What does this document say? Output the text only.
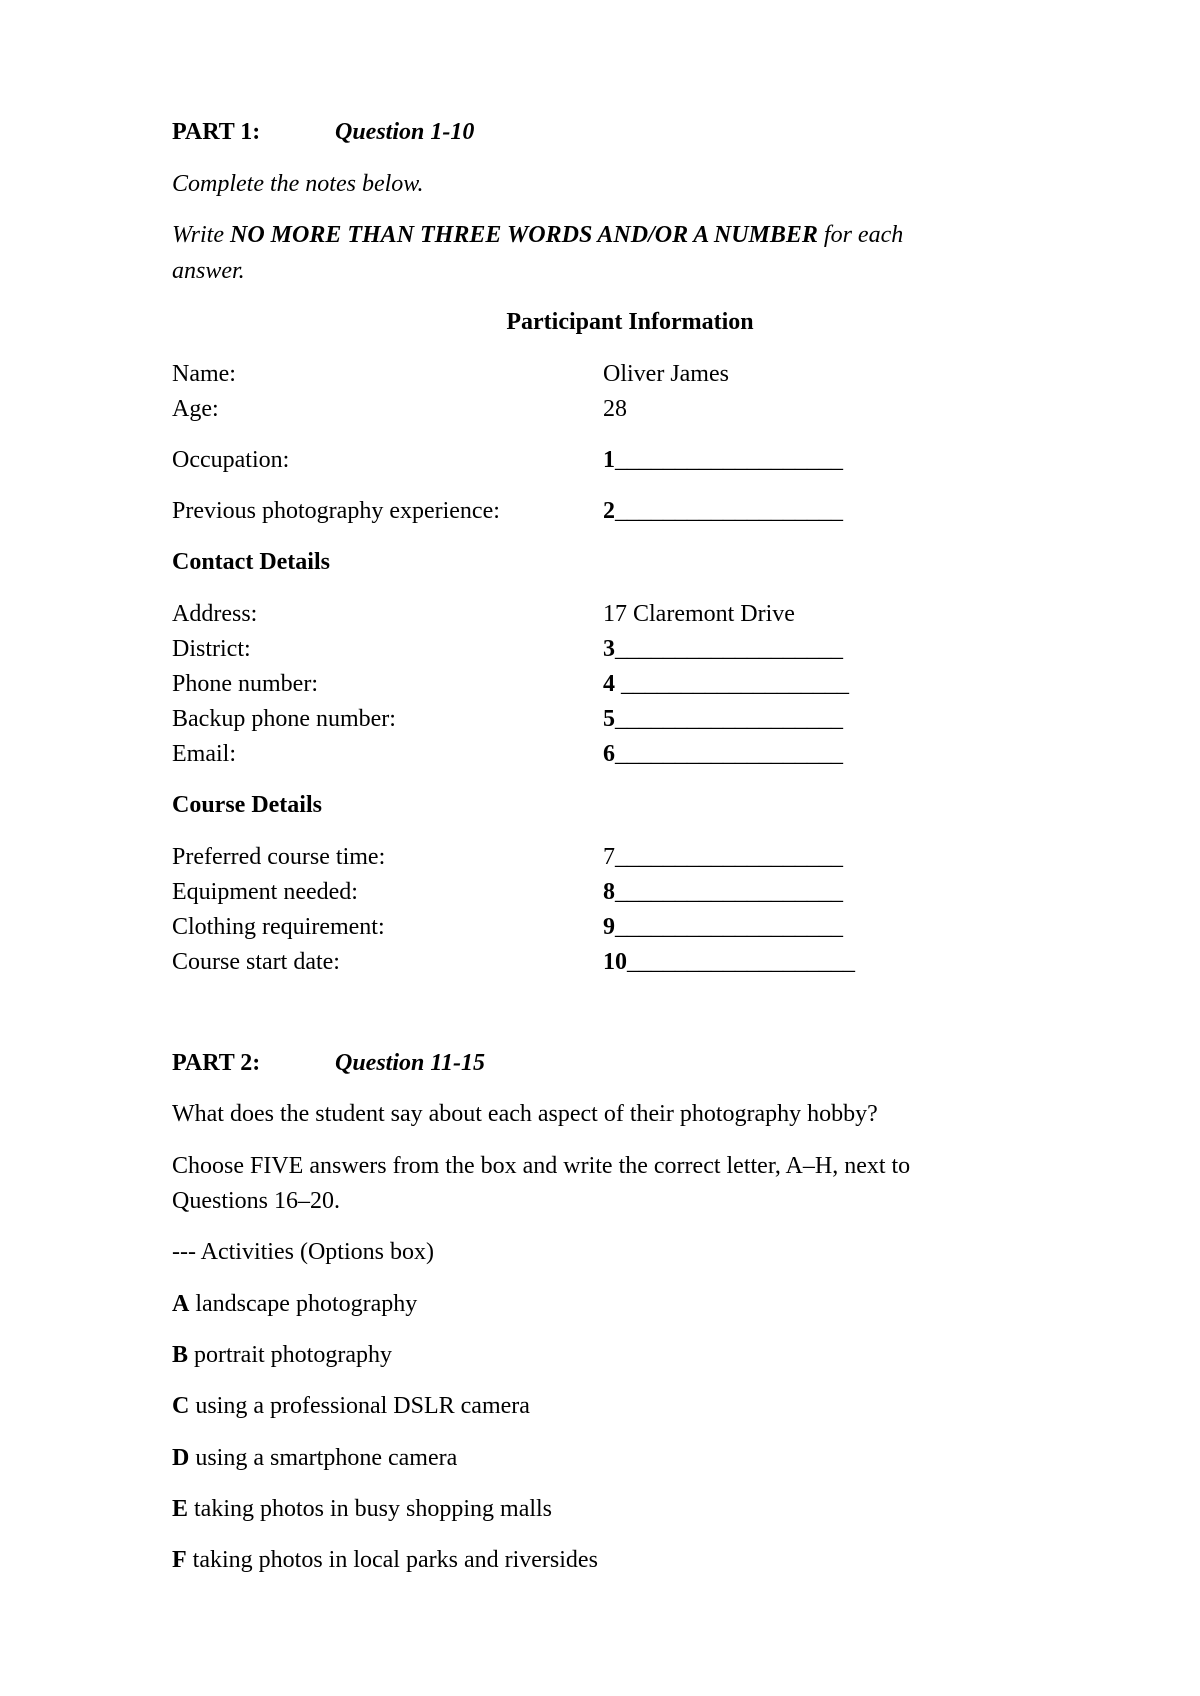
PART 1:	Question 1-10
Complete the notes below.
Write NO MORE THAN THREE WORDS AND/OR A NUMBER for each
answer.
Participant Information
Name:	Oliver James
Age:	28
Occupation:	1___________________
Previous photography experience:	2___________________
Contact Details
Address:	17 Claremont Drive
District:	3___________________
Phone number:	4 ___________________
Backup phone number:	5___________________
Email:	6___________________
Course Details
Preferred course time:	7___________________
Equipment needed:	8___________________
Clothing requirement:	9___________________
Course start date:	10___________________
PART 2:	Question 11-15
What does the student say about each aspect of their photography hobby?
Choose FIVE answers from the box and write the correct letter, A–H, next to
Questions 16–20.
--- Activities (Options box)
A landscape photography
B portrait photography
C using a professional DSLR camera
D using a smartphone camera
E taking photos in busy shopping malls
F taking photos in local parks and riversides
